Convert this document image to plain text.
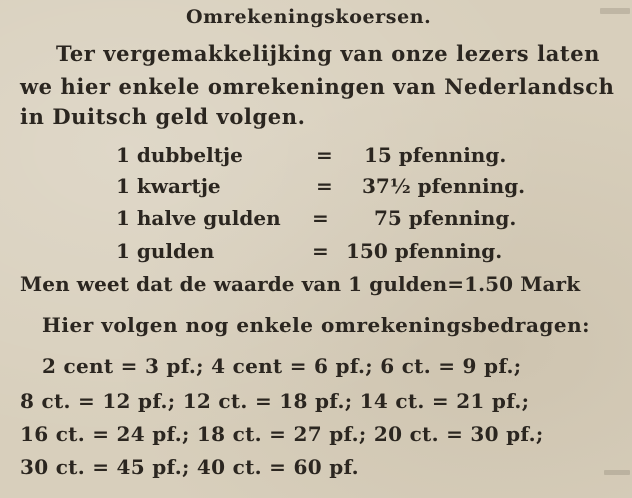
Omrekeningskoersen.
Ter vergemakkelijking van onze lezers laten
we hier enkele omrekeningen van Nederlandsch
in Duitsch geld volgen.
1 dubbeltje	= 15 pfenning.
1 kwartje	= 37½ pfenning.
1 halve gulden = 75 pfenning.
1 gulden	= 150 pfenning.
Men weet dat de waarde van 1 gulden=1.50 Mark
Hier volgen nog enkele omrekeningsbedragen:
2 cent = 3 pf.; 4 cent = 6 pf.; 6 ct. = 9 pf.;
8 ct. = 12 pf.; 12 ct. = 18 pf.; 14 ct. = 21 pf.;
16 ct. = 24 pf.; 18 ct. = 27 pf.; 20 ct. = 30 pf.;
30 ct. = 45 pf.; 40 ct. = 60 pf.
